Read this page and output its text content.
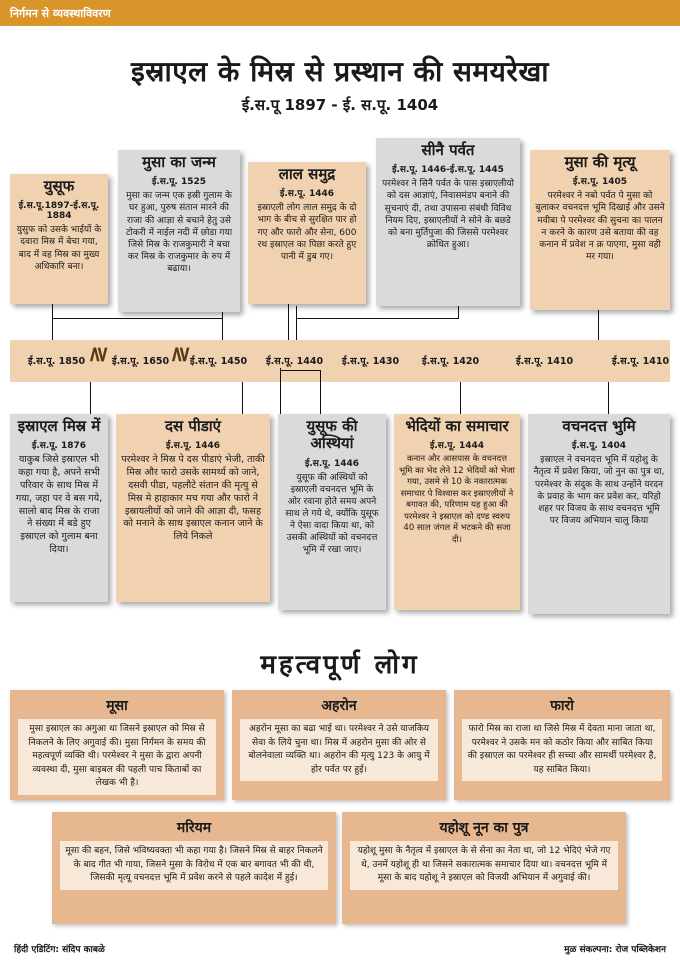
निर्गमन से व्यवस्थाविवरण
इस्राएल के मिस्र से प्रस्थान की समयरेखा
ई.स.पू 1897 - ई. स.पू. 1404
युसूफ
ई.स.पू.1897-ई.स.पू. 1884

युसुफ को उसके भाईयों के दवारा मिस्र में बेचा गया, बाद में वह मिस्र का मुख्य अधिकारि बना।

मुसा का जन्म
ई.स.पू. 1525

मुसा का जन्म एक इस्री गुलाम के घर हुआ, पुरुष संतान मारने की राजा की आज्ञा से बचाने हेतु उसे टोकरी में नाईल नदी में छोडा गया जिसे मिस्र के राजकुमारी ने बचा कर मिस्र के राजकुमार के रुप में बढाया।

लाल समुद्र
ई.स.पू. 1446

इस्राएली लोग लाल समुद्र के दो भाग के बीच से सुरक्षित पार हो गए और फारो और सेना, 600 रथ इस्राएल का पिछा करते हुए पानी में डुब गए।

सीनै पर्वत
ई.स.पू. 1446-ई.स.पू. 1445

परमेश्वर ने सिनै पर्वत के पास इस्राएलीयो को दस आज्ञाएं, निवासमंडप बनाने की सुचनाएं दी, तथा उपासना संबंधी विविध नियम दिए, इस्राएलीयों ने सोने के बछडे को बना मुर्तिपुजा की जिससे परमेश्वर क्रोधित हुआ।

मुसा की मृत्यू
ई.स.पू. 1405

परमेश्वर ने नबो पर्वत पे मुसा को बुलाकर वचनदत्त भूमि दिखाई और उसने मवीबा पे परमेश्वर की सुचना का पालन न करने के कारण उसे बताया की वह कनान में प्रवेश न क्र पाएगा, मुसा वही मर गया।

ई.स.पू. 1850 ≷ ई.स.पू. 1650 ≷
ई.स.पू. 1450 ई.स.पू. 1440 ई.स.पू. 1430 ई.स.पू. 1420	ई.स.पू. 1410	ई.स.पू. 1410
इस्राएल मिस्र में
ई.स.पू. 1876

याकुब जिसे इस्राएल भी कहा गया है, अपने सभी परिवार के साथ मिस्र में गया, जहा पर वे बस गये, सालो बाद मिस्र के राजा ने संख्या में बडे हुए इस्राएल को गुलाम बना दिया।

दस पीडाएं
ई.स.पू. 1446

परमेश्वर ने मिस्र पे दस पीडाएं भेजी, ताकी मिस्र और फारो उसके सामर्थ्य को जाने, दसवी पीडा, पहलौटे संतान की मृत्यु से मिस्र मे हाहाकार मच गया और फारो ने इस्रायलीयों को जाने की आज्ञा दी, फसह को मनाने के साथ इस्राएल कनान जाने के लिये निकले

युसूफ की अस्थियां
ई.स.पू. 1446

युसूफ की अस्थियों को इस्राएली वचनदत्त भूमि के ओर रवाना होते समय अपने साथ ले गये थे, क्योंकि युसूफ ने ऐसा वादा किया था, को उसकी अस्थियों को वचनदत्त भूमि में रखा जाए।

भेदियों का समाचार
ई.स.पू. 1444

कनान और आसपास के वचनदत्त भूमि का भेद लेने 12 भेदियों को भेजा गया, उसमे से 10 के नकारात्मक समाचार पे विश्वास कर इस्राएलीयों ने बगावत की, परिणाम यह हुआ की परमेश्वर ने इस्राएल को दण्ड स्वरुप 40 साल जंगल में भटकने की सजा दी।

वचनदत्त भुमि
ई.स.पू. 1404

इस्राएल ने वचनदत्त भूमि में यहोशु के नैतृत्व में प्रवेश किया, जो नुन का पुत्र था, परमेश्वर के संदुक के साथ उन्होंने यरदन के प्रवाह के भाग कर प्रवेश कर, यरिहो शहर पर विजय के साथ वचनदत्त भूमि पर विजय अभियान चालु किया

महत्वपूर्ण लोग
मूसा

मुसा इस्राएल का अगुआ था जिसने इस्राएल को मिस्र से निकलने के लिए अगुवाई की। मुसा निर्गमन के समय की महत्वपूर्ण व्यक्ति थी। परमेश्वर ने मुसा के द्वारा अपनी व्यवस्था दी, मुसा बाइबल की पहली पाच किताबों का लेखक भी है।

अहरोन

अहरोन मूसा का बढा भाई था। परमेश्वर ने उसे याजकिय सेवा के लिये चुना था। मिस्र में अहरोन मुसा की ओर से बोलनेवाला व्यक्ति था। अहरोन की मृत्यु 123 के आयु में होर पर्वत पर हुई।

फारो

फारो मिस्र का राजा था जिसे मिस्र में देवता माना जाता था, परमेश्वर ने उसके मन को कठोर किया और साबित किया की इस्राएल का परमेश्वर ही सच्चा और सामर्थी परमेश्वर है, यह साबित किया।

मरियम

मूसा की बहन, जिसे भविष्यवक्ता भी कहा गया है। जिसने मिस्र से बाहर निकलने के बाद गीत भी गाया, जिसने मुसा के विरोध में एक बार बगावत भी की थी, जिसकी मृत्यू वचनदत्त भूमि में प्रवेश करने से पहले कादेश में हुई।

यहोशू नून का पुत्र

यहोशू मुसा के नैतृत्व में इस्राएल के से सेना का नेता था, जो 12 भेदिएं भेजे गए थे, उनमें यहोशू ही था जिसने सकारात्मक समाचार दिया था। वचनदत्त भूमि में मूसा के बाद यहोशू ने इस्राएल को विजयी अभियान में अगुवाई की।

हिंदी एडिटिंग: संदिप काबळे	मुळ संकल्पना: रोज पब्लिकेशन
